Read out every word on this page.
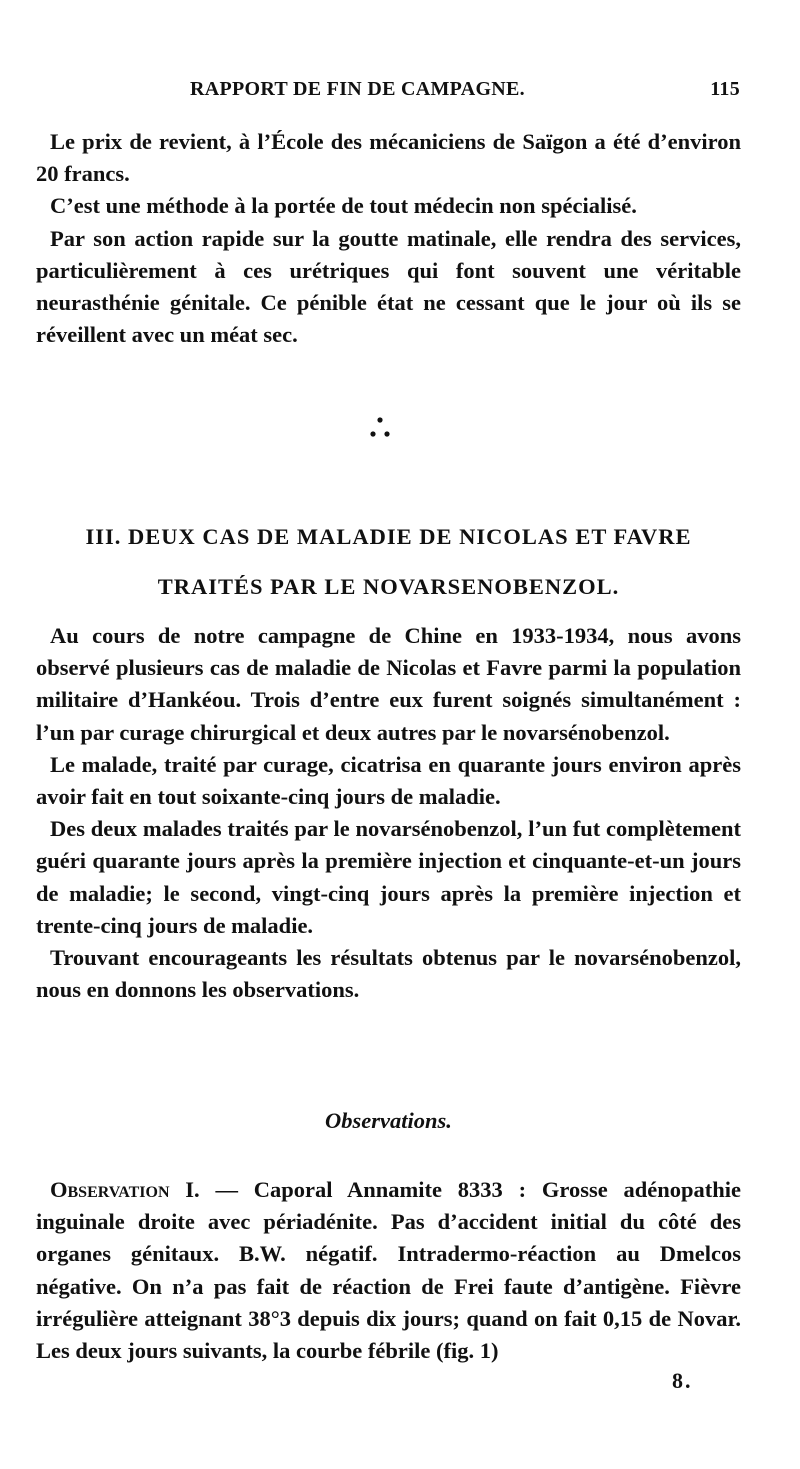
RAPPORT DE FIN DE CAMPAGNE.	115

Le prix de revient, à l’École des mécaniciens de Saïgon a été d’environ 20 francs.

C’est une méthode à la portée de tout médecin non spécialisé.

Par son action rapide sur la goutte matinale, elle rendra des services, particulièrement à ces urétriques qui font souvent une véritable neurasthénie génitale. Ce pénible état ne cessant que le jour où ils se réveillent avec un méat sec.

III. DEUX CAS DE MALADIE DE NICOLAS ET FAVRE
TRAITÉS PAR LE NOVARSENOBENZOL.

Au cours de notre campagne de Chine en 1933-1934, nous avons observé plusieurs cas de maladie de Nicolas et Favre parmi la population militaire d’Hankéou. Trois d’entre eux furent soignés simultanément : l’un par curage chirurgical et deux autres par le novarsénobenzol.

Le malade, traité par curage, cicatrisa en quarante jours environ après avoir fait en tout soixante-cinq jours de maladie.

Des deux malades traités par le novarsénobenzol, l’un fut complètement guéri quarante jours après la première injection et cinquante-et-un jours de maladie; le second, vingt-cinq jours après la première injection et trente-cinq jours de maladie.

Trouvant encourageants les résultats obtenus par le novarsénobenzol, nous en donnons les observations.

Observations.

Observation I. — Caporal Annamite 8333 : Grosse adénopathie inguinale droite avec périadénite. Pas d’accident initial du côté des organes génitaux. B.W. négatif. Intradermo-réaction au Dmelcos négative. On n’a pas fait de réaction de Frei faute d’antigène. Fièvre irrégulière atteignant 38°3 depuis dix jours; quand on fait 0,15 de Novar. Les deux jours suivants, la courbe fébrile (fig. 1)

8.
